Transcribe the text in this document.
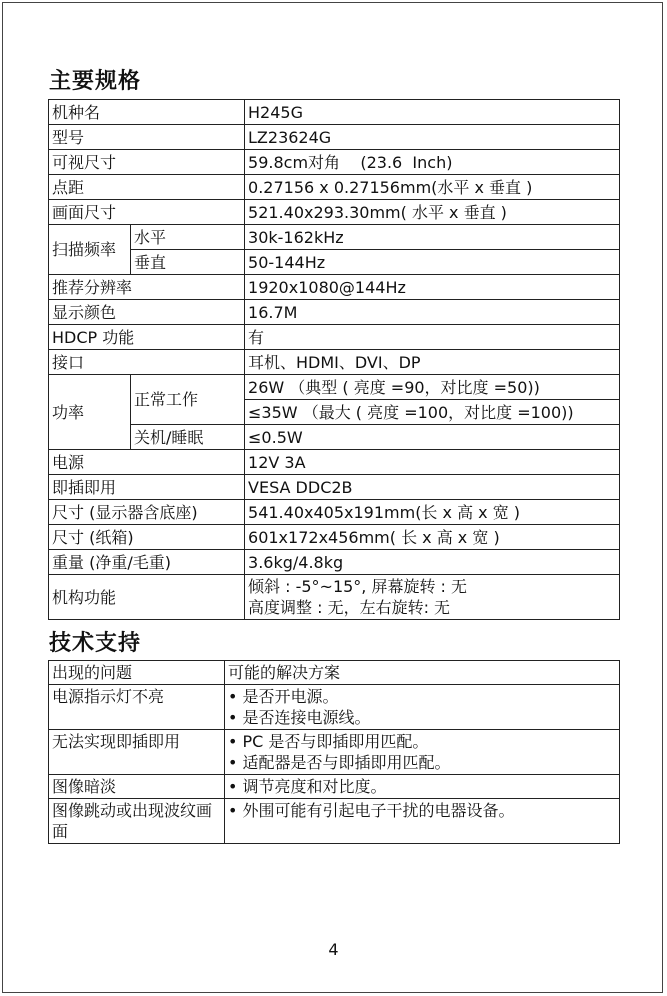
主要规格
机种名		H245G
型号		LZ23624G
可视尺寸		59.8cm对角    (23.6  Inch)
点距		0.27156 x 0.27156mm(水平 x 垂直 )
画面尺寸		521.40x293.30mm( 水平 x 垂直 )
扫描频率	水平	30k-162kHz
	垂直	50-144Hz
推荐分辨率		1920x1080@144Hz
显示颜色		16.7M
HDCP 功能		有
接口		耳机、HDMI、DVI、DP
功率	正常工作	26W （典型 ( 亮度 =90，对比度 =50))
		≤35W （最大 ( 亮度 =100，对比度 =100))
	关机/睡眠	≤0.5W
电源		12V 3A
即插即用		VESA DDC2B
尺寸 (显示器含底座)		541.40x405x191mm(长 x 高 x 宽 )
尺寸 (纸箱)		601x172x456mm( 长 x 高 x 宽 )
重量 (净重/毛重)		3.6kg/4.8kg
机构功能		倾斜 : -5°~15°, 屏幕旋转 : 无
高度调整 : 无，左右旋转: 无
技术支持
出现的问题	可能的解决方案
电源指示灯不亮	• 是否开电源。
• 是否连接电源线。

无法实现即插即用	• PC 是否与即插即用匹配。
• 适配器是否与即插即用匹配。

图像暗淡	• 调节亮度和对比度。

图像跳动或出现波纹画面	• 外围可能有引起电子干扰的电器设备。
4
